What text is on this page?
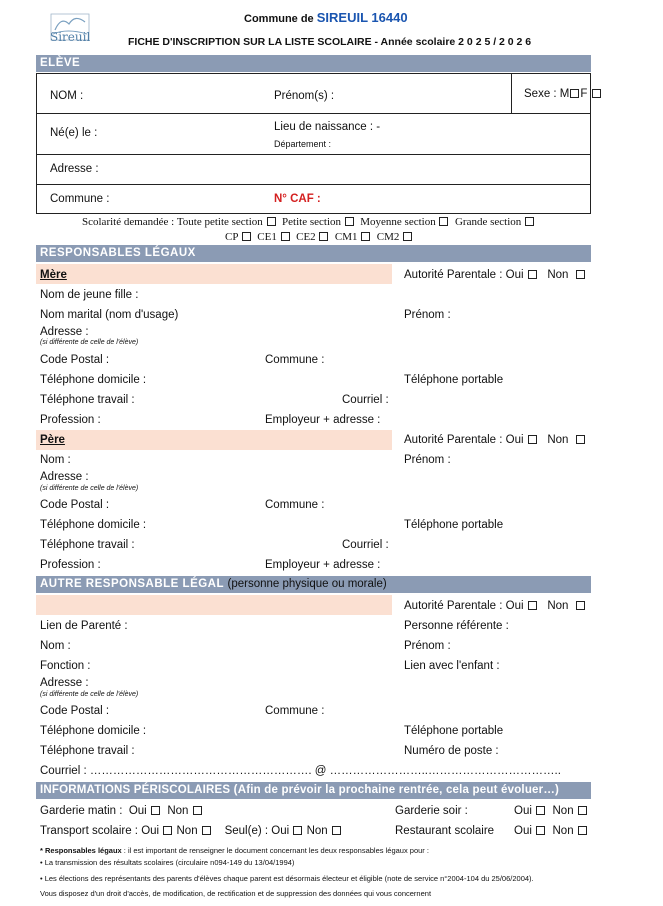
Sireuil
Commune de SIREUIL 16440
FICHE D'INSCRIPTION SUR LA LISTE SCOLAIRE - Année scolaire 2 0 2 5 / 2 0 2 6
ELÈVE
NOM :	Prénom(s) :	Sexe : M F
Né(e) le :	Lieu de naissance : -
Département :
Adresse :
Commune :	N° CAF :
Scolarité demandée : Toute petite section Petite section Moyenne section Grande section
CP CE1 CE2 CM1 CM2
RESPONSABLES LÉGAUX
Mère	Autorité Parentale : Oui Non
Nom de jeune fille :
Nom marital (nom d'usage)	Prénom :
Adresse :
(si différente de celle de l'élève)
Code Postal :	Commune :
Téléphone domicile :	Téléphone portable
Téléphone travail :	Courriel :
Profession :	Employeur + adresse :
Père	Autorité Parentale : Oui Non
Nom :	Prénom :
Adresse :
(si différente de celle de l'élève)
Code Postal :	Commune :
Téléphone domicile :	Téléphone portable
Téléphone travail :	Courriel :
Profession :	Employeur + adresse :
AUTRE RESPONSABLE LÉGAL (personne physique ou morale)
Autorité Parentale : Oui Non
Lien de Parenté :	Personne référente :
Nom :	Prénom :
Fonction :	Lien avec l'enfant :
Adresse :
(si différente de celle de l'élève)
Code Postal :	Commune :
Téléphone domicile :	Téléphone portable
Téléphone travail :	Numéro de poste :
Courriel : …………………………………………………. @ ……………………..……………………………..
INFORMATIONS PÉRISCOLAIRES (Afin de prévoir la prochaine rentrée, cela peut évoluer…)
Garderie matin : Oui Non	Garderie soir :	Oui Non
Transport scolaire : Oui Non Seul(e) : Oui Non	Restaurant scolaire Oui Non
* Responsables légaux : il est important de renseigner le document concernant les deux responsables légaux pour :
• La transmission des résultats scolaires (circulaire n094-149 du 13/04/1994)
• Les élections des représentants des parents d'élèves chaque parent est désormais électeur et éligible (note de service n°2004-104 du 25/06/2004).
Vous disposez d'un droit d'accès, de modification, de rectification et de suppression des données qui vous concernent
